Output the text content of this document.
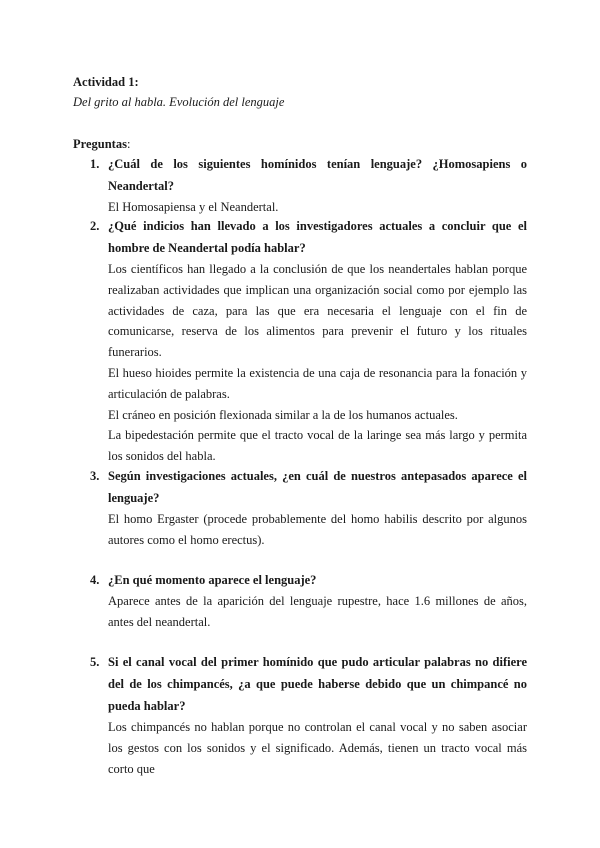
Actividad 1:
Del grito al habla. Evolución del lenguaje
Preguntas:
1. ¿Cuál de los siguientes homínidos tenían lenguaje? ¿Homosapiens o Neandertal?

El Homosapiensa y el Neandertal.

2. ¿Qué indicios han llevado a los investigadores actuales a concluir que el hombre de Neandertal podía hablar?

Los científicos han llegado a la conclusión de que los neandertales hablan porque realizaban actividades que implican una organización social como por ejemplo las actividades de caza, para las que era necesaria el lenguaje con el fin de comunicarse, reserva de los alimentos para prevenir el futuro y los rituales funerarios.

El hueso hioides permite la existencia de una caja de resonancia para la fonación y articulación de palabras.

El cráneo en posición flexionada similar a la de los humanos actuales.

La bipedestación permite que el tracto vocal de la laringe sea más largo y permita los sonidos del habla.

3. Según investigaciones actuales, ¿en cuál de nuestros antepasados aparece el lenguaje?

El homo Ergaster (procede probablemente del homo habilis descrito por algunos autores como el homo erectus).

4. ¿En qué momento aparece el lenguaje?

Aparece antes de la aparición del lenguaje rupestre, hace 1.6 millones de años, antes del neandertal.

5. Si el canal vocal del primer homínido que pudo articular palabras no difiere del de los chimpancés, ¿a que puede haberse debido que un chimpancé no pueda hablar?

Los chimpancés no hablan porque no controlan el canal vocal y no saben asociar los gestos con los sonidos y el significado. Además, tienen un tracto vocal más corto que
